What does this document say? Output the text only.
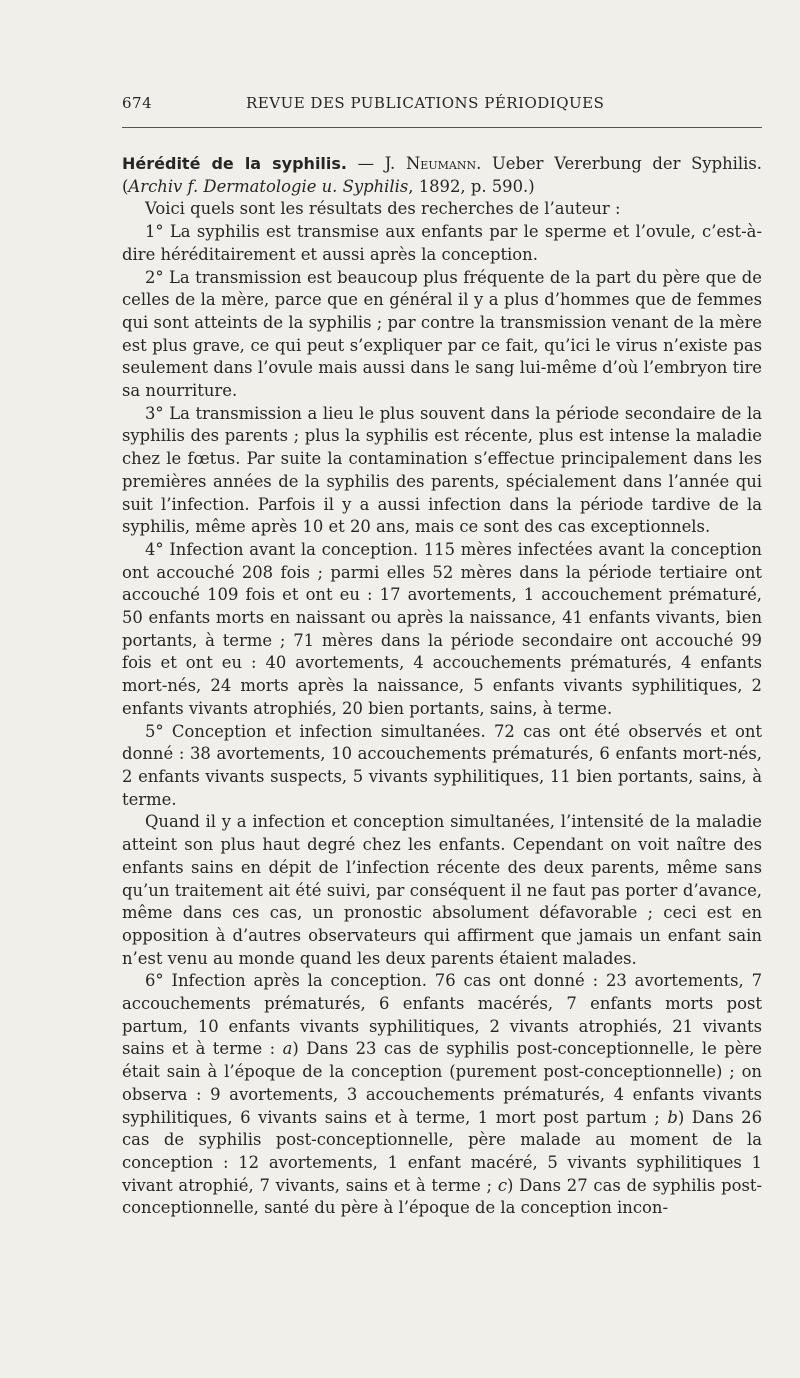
674	REVUE DES PUBLICATIONS PÉRIODIQUES

Hérédité de la syphilis. — J. Neumann. Ueber Vererbung der Syphilis. (Archiv f. Dermatologie u. Syphilis, 1892, p. 590.)

Voici quels sont les résultats des recherches de l’auteur :

1° La syphilis est transmise aux enfants par le sperme et l’ovule, c’est-à-dire héréditairement et aussi après la conception.

2° La transmission est beaucoup plus fréquente de la part du père que de celles de la mère, parce que en général il y a plus d’hommes que de femmes qui sont atteints de la syphilis ; par contre la transmission venant de la mère est plus grave, ce qui peut s’expliquer par ce fait, qu’ici le virus n’existe pas seulement dans l’ovule mais aussi dans le sang lui-même d’où l’embryon tire sa nourriture.

3° La transmission a lieu le plus souvent dans la période secondaire de la syphilis des parents ; plus la syphilis est récente, plus est intense la maladie chez le fœtus. Par suite la contamination s’effectue principalement dans les premières années de la syphilis des parents, spécialement dans l’année qui suit l’infection. Parfois il y a aussi infection dans la période tardive de la syphilis, même après 10 et 20 ans, mais ce sont des cas exceptionnels.

4° Infection avant la conception. 115 mères infectées avant la conception ont accouché 208 fois ; parmi elles 52 mères dans la période tertiaire ont accouché 109 fois et ont eu : 17 avortements, 1 accouchement prématuré, 50 enfants morts en naissant ou après la naissance, 41 enfants vivants, bien portants, à terme ; 71 mères dans la période secondaire ont accouché 99 fois et ont eu : 40 avortements, 4 accouchements prématurés, 4 enfants mort-nés, 24 morts après la naissance, 5 enfants vivants syphilitiques, 2 enfants vivants atrophiés, 20 bien portants, sains, à terme.

5° Conception et infection simultanées. 72 cas ont été observés et ont donné : 38 avortements, 10 accouchements prématurés, 6 enfants mort-nés, 2 enfants vivants suspects, 5 vivants syphilitiques, 11 bien portants, sains, à terme.

Quand il y a infection et conception simultanées, l’intensité de la maladie atteint son plus haut degré chez les enfants. Cependant on voit naître des enfants sains en dépit de l’infection récente des deux parents, même sans qu’un traitement ait été suivi, par conséquent il ne faut pas porter d’avance, même dans ces cas, un pronostic absolument défavorable ; ceci est en opposition à d’autres observateurs qui affirment que jamais un enfant sain n’est venu au monde quand les deux parents étaient malades.

6° Infection après la conception. 76 cas ont donné : 23 avortements, 7 accouchements prématurés, 6 enfants macérés, 7 enfants morts post partum, 10 enfants vivants syphilitiques, 2 vivants atrophiés, 21 vivants sains et à terme : a) Dans 23 cas de syphilis post-conceptionnelle, le père était sain à l’époque de la conception (purement post-conceptionnelle) ; on observa : 9 avortements, 3 accouchements prématurés, 4 enfants vivants syphilitiques, 6 vivants sains et à terme, 1 mort post partum ; b) Dans 26 cas de syphilis post-conceptionnelle, père malade au moment de la conception : 12 avortements, 1 enfant macéré, 5 vivants syphilitiques 1 vivant atrophié, 7 vivants, sains et à terme ; c) Dans 27 cas de syphilis post-conceptionnelle, santé du père à l’époque de la conception incon-
